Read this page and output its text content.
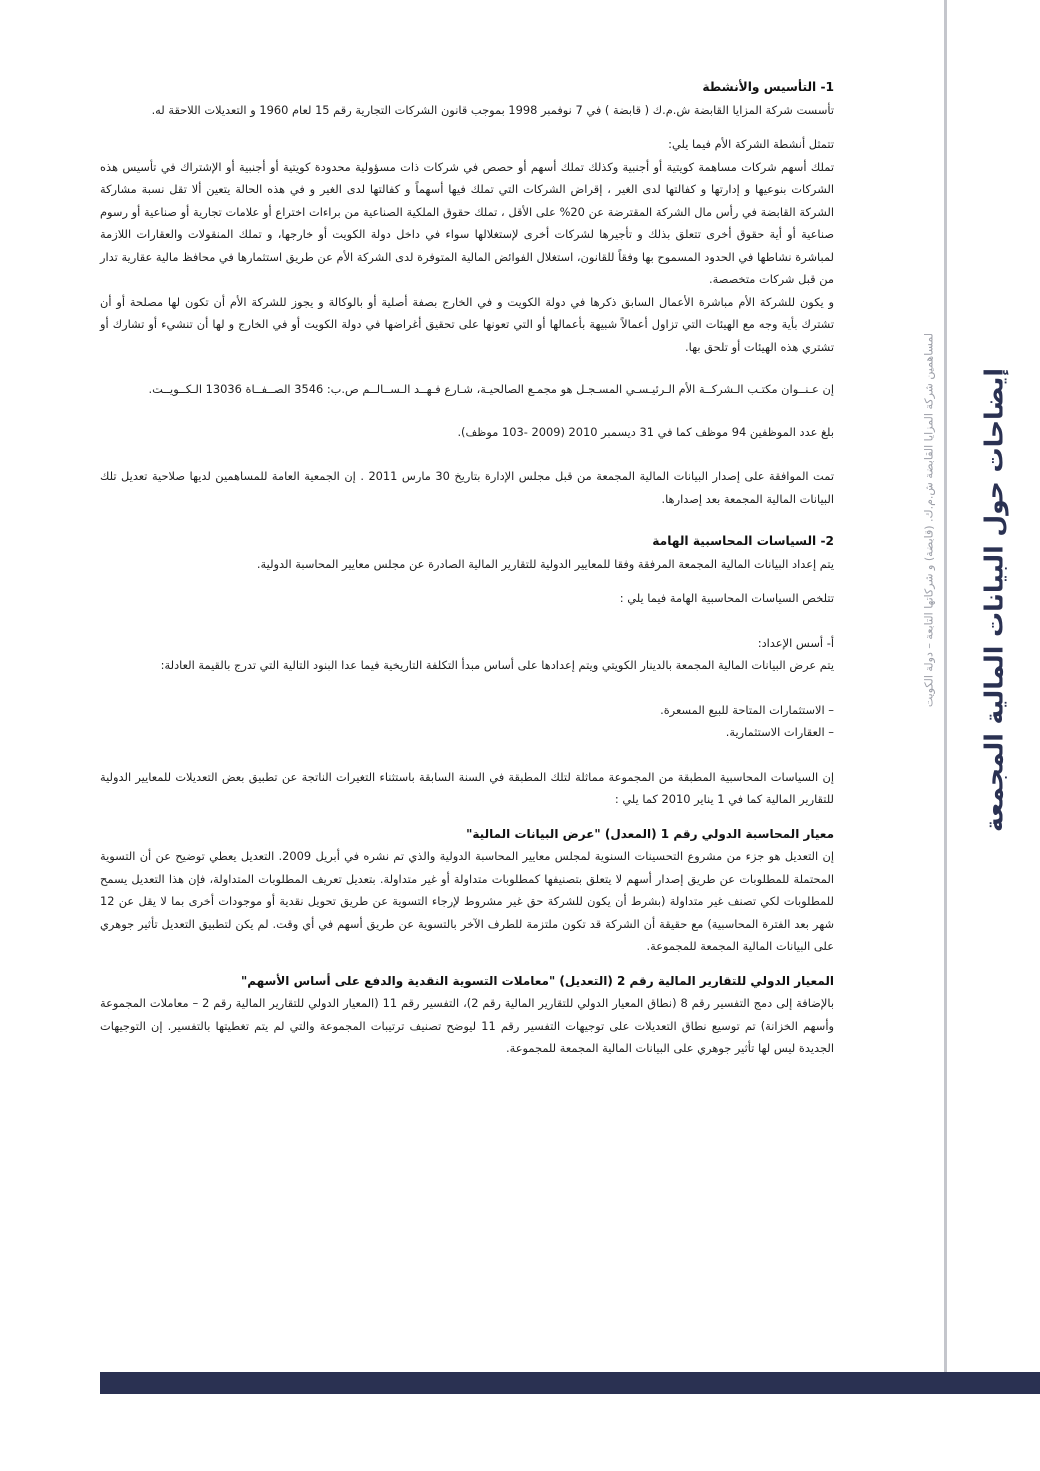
إيضاحات حول البيانات المالية المجمعة
لمساهمين شركة المزايا القابضة ش.م.ك. (قابضة) و شركاتها التابعة – دولة الكويت
1- التأسيس والأنشطة

تأسست شركة المزايا القابضة ش.م.ك ( قابضة ) في 7 نوفمبر 1998 بموجب قانون الشركات التجارية رقم 15 لعام 1960 و التعديلات اللاحقة له.

تتمثل أنشطة الشركة الأم فيما يلي:

تملك أسهم شركات مساهمة كويتية أو أجنبية وكذلك تملك أسهم أو حصص في شركات ذات مسؤولية محدودة كويتية أو أجنبية أو الإشتراك في تأسيس هذه الشركات بنوعيها و إدارتها و كفالتها لدى الغير ، إقراض الشركات التي تملك فيها أسهماً و كفالتها لدى الغير و في هذه الحالة يتعين ألا تقل نسبة مشاركة الشركة القابضة في رأس مال الشركة المقترضة عن 20% على الأقل ، تملك حقوق الملكية الصناعية من براءات اختراع أو علامات تجارية أو صناعية أو رسوم صناعية أو أية حقوق أخرى تتعلق بذلك و تأجيرها لشركات أخرى لإستغلالها سواء في داخل دولة الكويت أو خارجها، و تملك المنقولات والعقارات اللازمة لمباشرة نشاطها في الحدود المسموح بها وفقاً للقانون، استغلال الفوائض المالية المتوفرة لدى الشركة الأم عن طريق استثمارها في محافظ مالية عقارية تدار من قبل شركات متخصصة.

و يكون للشركة الأم مباشرة الأعمال السابق ذكرها في دولة الكويت و في الخارج بصفة أصلية أو بالوكالة و يجوز للشركة الأم أن تكون لها مصلحة أو أن تشترك بأية وجه مع الهيئات التي تزاول أعمالاً شبيهة بأعمالها أو التي تعونها على تحقيق أغراضها في دولة الكويت أو في الخارج و لها أن تنشيء أو تشارك أو تشتري هذه الهيئات أو تلحق بها.

إن عـنــوان مكتـب الـشركــة الأم الـرئيـسـي المسـجـل هو مجمـع الصالحيـة، شـارع فـهــد الـســالــم ص.ب: 3546 الصــفــاة 13036 الـكــويــت.

بلغ عدد الموظفين 94 موظف كما في 31 ديسمبر 2010 (2009 -103 موظف).

تمت الموافقة على إصدار البيانات المالية المجمعة من قبل مجلس الإدارة بتاريخ 30 مارس 2011 . إن الجمعية العامة للمساهمين لديها صلاحية تعديل تلك البيانات المالية المجمعة بعد إصدارها.

2- السياسات المحاسبية الهامة

يتم إعداد البيانات المالية المجمعة المرفقة وفقا للمعايير الدولية للتقارير المالية الصادرة عن مجلس معايير المحاسبة الدولية.

تتلخص السياسات المحاسبية الهامة فيما يلي :

أ- أسس الإعداد:

يتم عرض البيانات المالية المجمعة بالدينار الكويتي ويتم إعدادها على أساس مبدأ التكلفة التاريخية فيما عدا البنود التالية التي تدرج بالقيمة العادلة:

– الاستثمارات المتاحة للبيع المسعرة.

– العقارات الاستثمارية.

إن السياسات المحاسبية المطبقة من المجموعة مماثلة لتلك المطبقة في السنة السابقة باستثناء التغيرات الناتجة عن تطبيق بعض التعديلات للمعايير الدولية للتقارير المالية كما في 1 يناير 2010 كما يلي :

معيار المحاسبة الدولي رقم 1 (المعدل) "عرض البيانات المالية"

إن التعديل هو جزء من مشروع التحسينات السنوية لمجلس معايير المحاسبة الدولية والذي تم نشره في أبريل 2009. التعديل يعطي توضيح عن أن التسوية المحتملة للمطلوبات عن طريق إصدار أسهم لا يتعلق بتصنيفها كمطلوبات متداولة أو غير متداولة. بتعديل تعريف المطلوبات المتداولة، فإن هذا التعديل يسمح للمطلوبات لكي تصنف غير متداولة (بشرط أن يكون للشركة حق غير مشروط لإرجاء التسوية عن طريق تحويل نقدية أو موجودات أخرى بما لا يقل عن 12 شهر بعد الفترة المحاسبية) مع حقيقة أن الشركة قد تكون ملتزمة للطرف الآخر بالتسوية عن طريق أسهم في أي وقت. لم يكن لتطبيق التعديل تأثير جوهري على البيانات المالية المجمعة للمجموعة.

المعيار الدولي للتقارير المالية رقم 2 (التعديل) "معاملات التسوية النقدية والدفع على أساس الأسهم"

بالإضافة إلى دمج التفسير رقم 8 (نطاق المعيار الدولي للتقارير المالية رقم 2)، التفسير رقم 11 (المعيار الدولي للتقارير المالية رقم 2 – معاملات المجموعة وأسهم الخزانة) تم توسيع نطاق التعديلات على توجيهات التفسير رقم 11 ليوضح تصنيف ترتيبات المجموعة والتي لم يتم تغطيتها بالتفسير. إن التوجيهات الجديدة ليس لها تأثير جوهري على البيانات المالية المجمعة للمجموعة.
